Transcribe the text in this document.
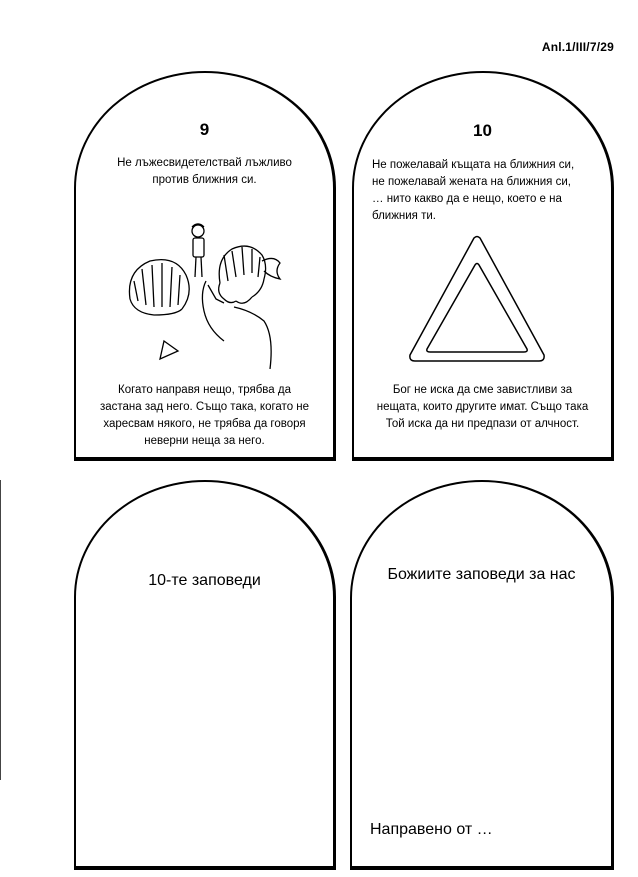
Anl.1/III/7/29
9
Не лъжесвидетелствай лъжливо
против ближния си.
Когато направя нещо, трябва да
застана зад него. Също така, когато не
харесвам някого, не трябва да говоря
неверни неща за него.
10
Не пожелавай къщата на ближния си,
не пожелавай жената на ближния си,
… нито какво да е нещо, което е на
ближния ти.
Бог не иска да сме завистливи за
нещата, които другите имат. Също така
Той иска да ни предпази от алчност.
10-те заповеди	Божиите заповеди за нас
Направено от …
